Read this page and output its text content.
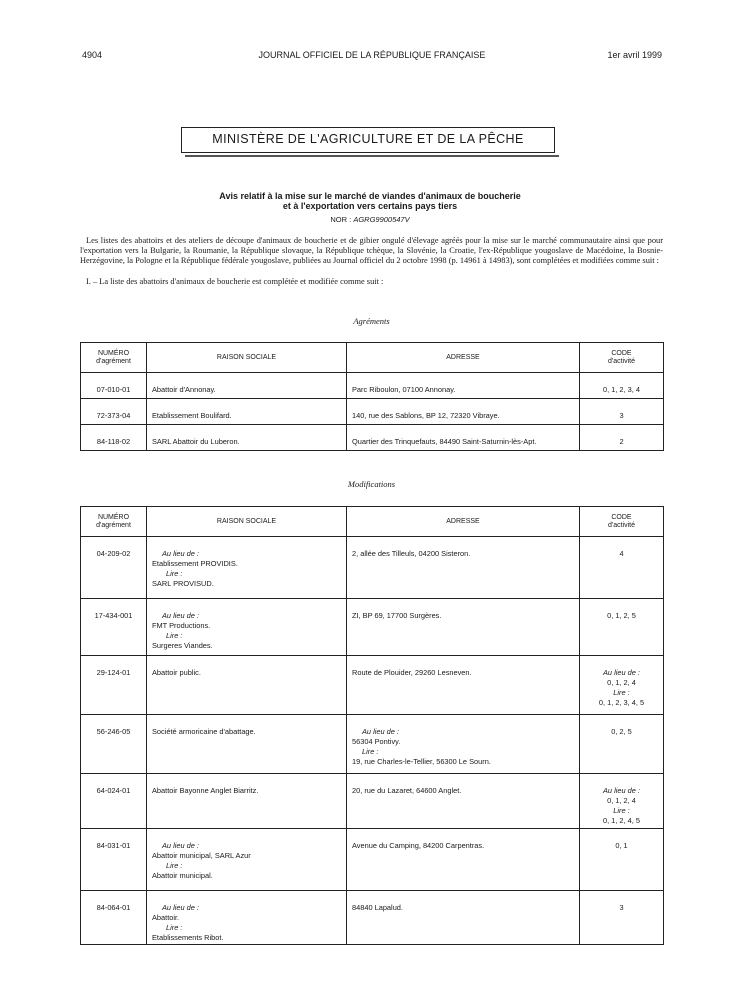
4904	JOURNAL OFFICIEL DE LA RÉPUBLIQUE FRANÇAISE	1er avril 1999
MINISTÈRE DE L'AGRICULTURE ET DE LA PÊCHE
Avis relatif à la mise sur le marché de viandes d'animaux de boucherie
et à l'exportation vers certains pays tiers
NOR : AGRG9900547V
Les listes des abattoirs et des ateliers de découpe d'animaux de boucherie et de gibier ongulé d'élevage agréés pour la mise sur le marché communautaire ainsi que pour l'exportation vers la Bulgarie, la Roumanie, la République slovaque, la République tchèque, la Slovénie, la Croatie, l'ex-République yougoslave de Macédoine, la Bosnie-Herzégovine, la Pologne et la République fédérale yougoslave, publiées au Journal officiel du 2 octobre 1998 (p. 14961 à 14983), sont complétées et modifiées comme suit :
I. – La liste des abattoirs d'animaux de boucherie est complétée et modifiée comme suit :
Agréments
NUMÉRO
d'agrément	RAISON SOCIALE	ADRESSE	CODE
d'activité
07-010-01	Abattoir d'Annonay.	Parc Riboulon, 07100 Annonay.	0, 1, 2, 3, 4
72-373-04	Etablissement Boulifard.	140, rue des Sablons, BP 12, 72320 Vibraye.	3
84-118-02	SARL Abattoir du Luberon.	Quartier des Trinquefauts, 84490 Saint-Saturnin-lès-Apt.	2
Modifications
NUMÉRO
d'agrément	RAISON SOCIALE	ADRESSE	CODE
d'activité
04-209-02	Au lieu de :
Etablissement PROVIDIS.
Lire :
SARL PROVISUD.	2, allée des Tilleuls, 04200 Sisteron.	4
17-434-001	Au lieu de :
FMT Productions.
Lire :
Surgeres Viandes.	ZI, BP 69, 17700 Surgères.	0, 1, 2, 5
29-124-01	Abattoir public.	Route de Plouider, 29260 Lesneven.	Au lieu de :
0, 1, 2, 4
Lire :
0, 1, 2, 3, 4, 5

56-246-05	Société armoricaine d'abattage.	Au lieu de :
56304 Pontivy.
Lire :
19, rue Charles-le-Tellier, 56300 Le Sourn.	0, 2, 5
64-024-01	Abattoir Bayonne Anglet Biarritz.	20, rue du Lazaret, 64600 Anglet.	Au lieu de :
0, 1, 2, 4
Lire :
0, 1, 2, 4, 5

84-031-01	Au lieu de :
Abattoir municipal, SARL Azur
Lire :
Abattoir municipal.	Avenue du Camping, 84200 Carpentras.	0, 1
84-064-01	Au lieu de :
Abattoir.
Lire :
Etablissements Ribot.	84840 Lapalud.	3
